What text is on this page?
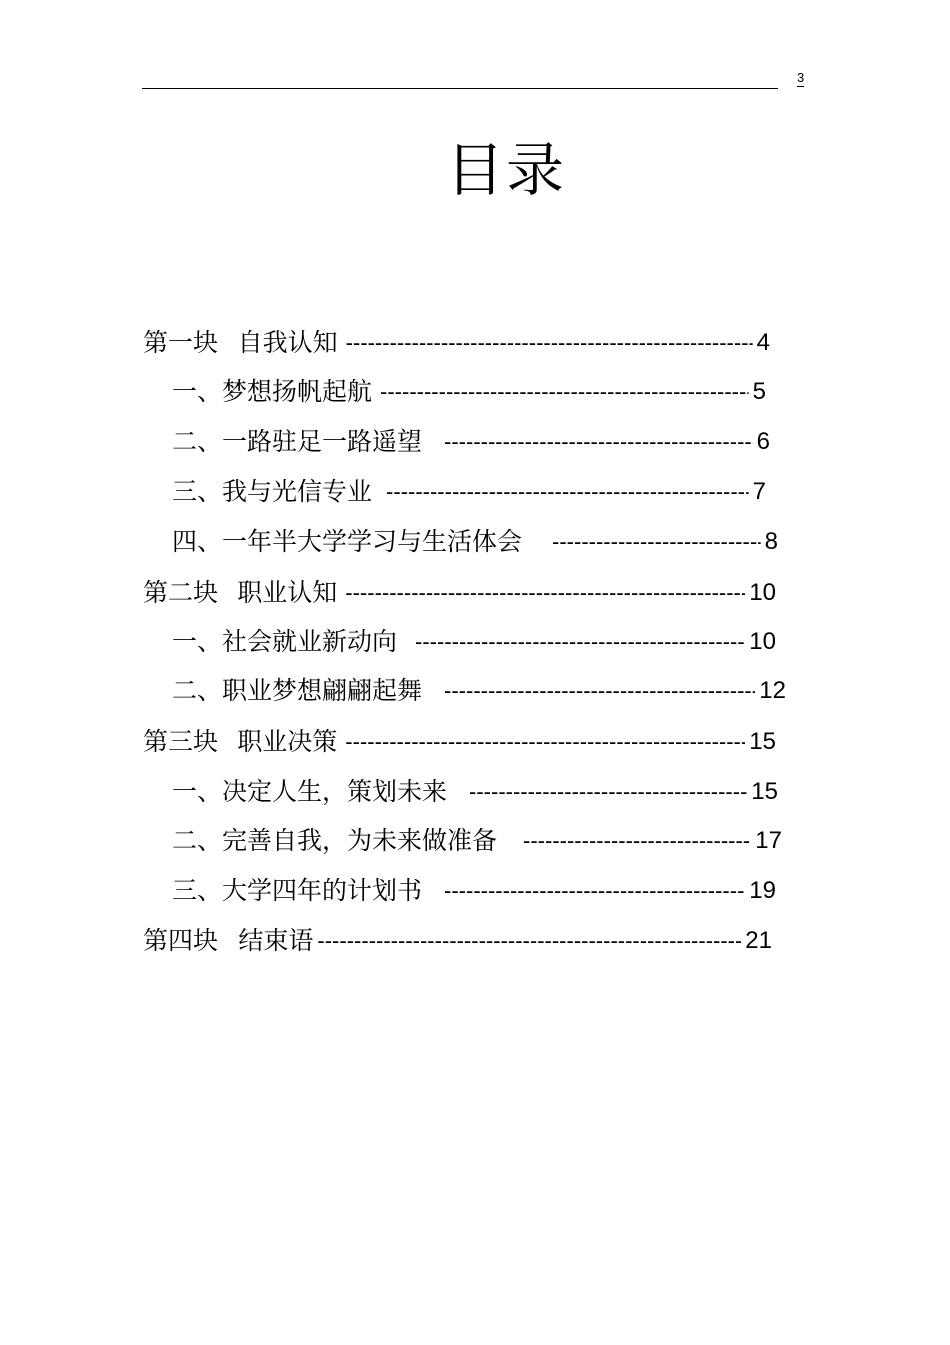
3
目录
第一块 自我认知 -----	4
一、梦想扬帆起航 -----	5
二、一路驻足一路遥望 -----	6
三、我与光信专业 -----	7
四、一年半大学学习与生活体会 -----	8
第二块 职业认知 -----	10
一、社会就业新动向 -----	10
二、职业梦想翩翩起舞 -----	12
第三块 职业决策 -----	15
一、决定人生，策划未来 -----	15
二、完善自我，为未来做准备 -----	17
三、大学四年的计划书 -----	19
第四块 结束语 -----	21
